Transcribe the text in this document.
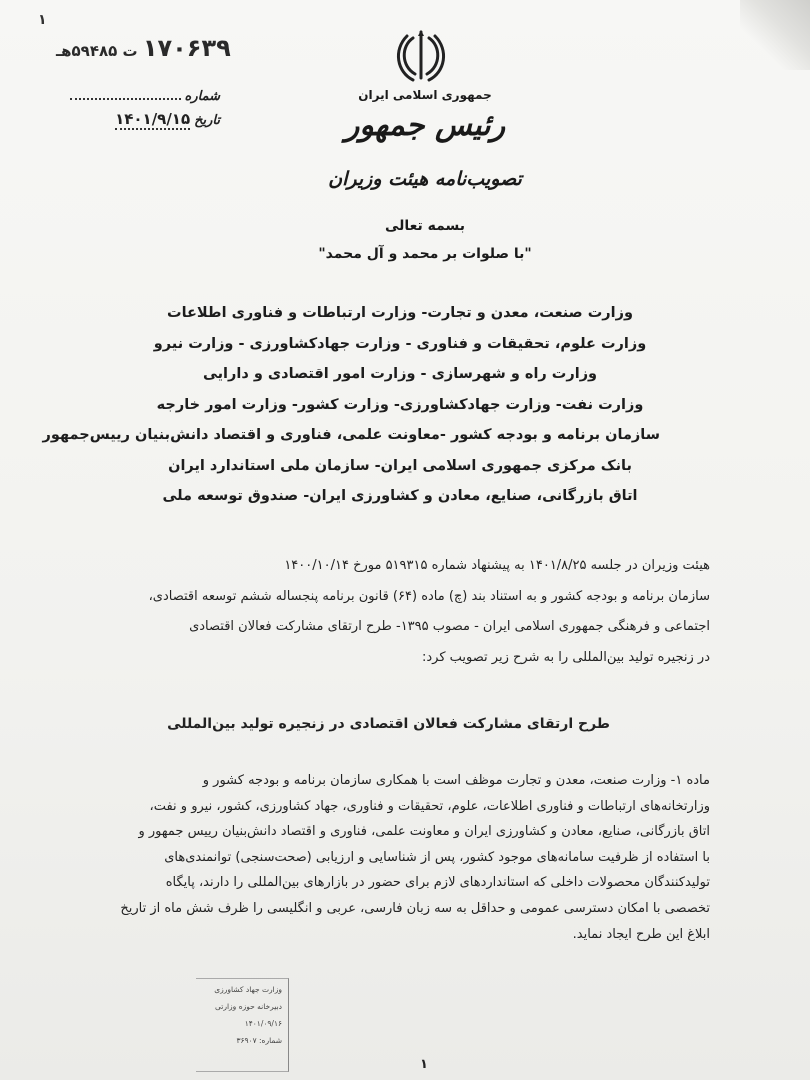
۱
۱۷۰۶۳۹ ت ۵۹۴۸۵هـ
شماره
تاریخ
۱۴۰۱/۹/۱۵
جمهوری اسلامی ایران
رئیس جمهور
تصویب‌نامه هیئت وزیران
بسمه تعالی
"با صلوات بر محمد و آل محمد"
وزارت صنعت، معدن و تجارت- وزارت ارتباطات و فناوری اطلاعات
وزارت علوم، تحقیقات و فناوری - وزارت جهادکشاورزی - وزارت نیرو
وزارت راه و شهرسازی - وزارت امور اقتصادی و دارایی
وزارت نفت- وزارت جهادکشاورزی- وزارت کشور- وزارت امور خارجه
سازمان برنامه و بودجه کشور -معاونت علمی، فناوری و اقتصاد دانش‌بنیان رییس‌جمهور
بانک مرکزی جمهوری اسلامی ایران- سازمان ملی استاندارد ایران
اتاق بازرگانی، صنایع، معادن و کشاورزی ایران- صندوق توسعه ملی
هیئت وزیران در جلسه ۱۴۰۱/۸/۲۵ به پیشنهاد شماره ۵۱۹۳۱۵ مورخ ۱۴۰۰/۱۰/۱۴
سازمان برنامه و بودجه کشور و به استناد بند (چ) ماده (۶۴) قانون برنامه پنجساله ششم توسعه اقتصادی،
اجتماعی و فرهنگی جمهوری اسلامی ایران - مصوب ۱۳۹۵- طرح ارتقای مشارکت فعالان اقتصادی
در زنجیره تولید بین‌المللی را به شرح زیر تصویب کرد:
طرح ارتقای مشارکت فعالان اقتصادی در زنجیره تولید بین‌المللی
ماده ۱- وزارت صنعت، معدن و تجارت موظف است با همکاری سازمان برنامه و بودجه کشور و
وزارتخانه‌های ارتباطات و فناوری اطلاعات، علوم، تحقیقات و فناوری، جهاد کشاورزی، کشور، نیرو و نفت،
اتاق بازرگانی، صنایع، معادن و کشاورزی ایران و معاونت علمی، فناوری و اقتصاد دانش‌بنیان رییس جمهور و
با استفاده از ظرفیت سامانه‌های موجود کشور، پس از شناسایی و ارزیابی (صحت‌سنجی) توانمندی‌های
تولیدکنندگان محصولات داخلی که استانداردهای لازم برای حضور در بازارهای بین‌المللی را دارند، پایگاه
تخصصی با امکان دسترسی عمومی و حداقل به سه زبان فارسی، عربی و انگلیسی را ظرف شش ماه از تاریخ
ابلاغ این طرح ایجاد نماید.
وزارت جهاد کشاورزی
دبیرخانه حوزه وزارتی
۱۴۰۱/۰۹/۱۶
شماره: ۳۶۹۰۷
۱
